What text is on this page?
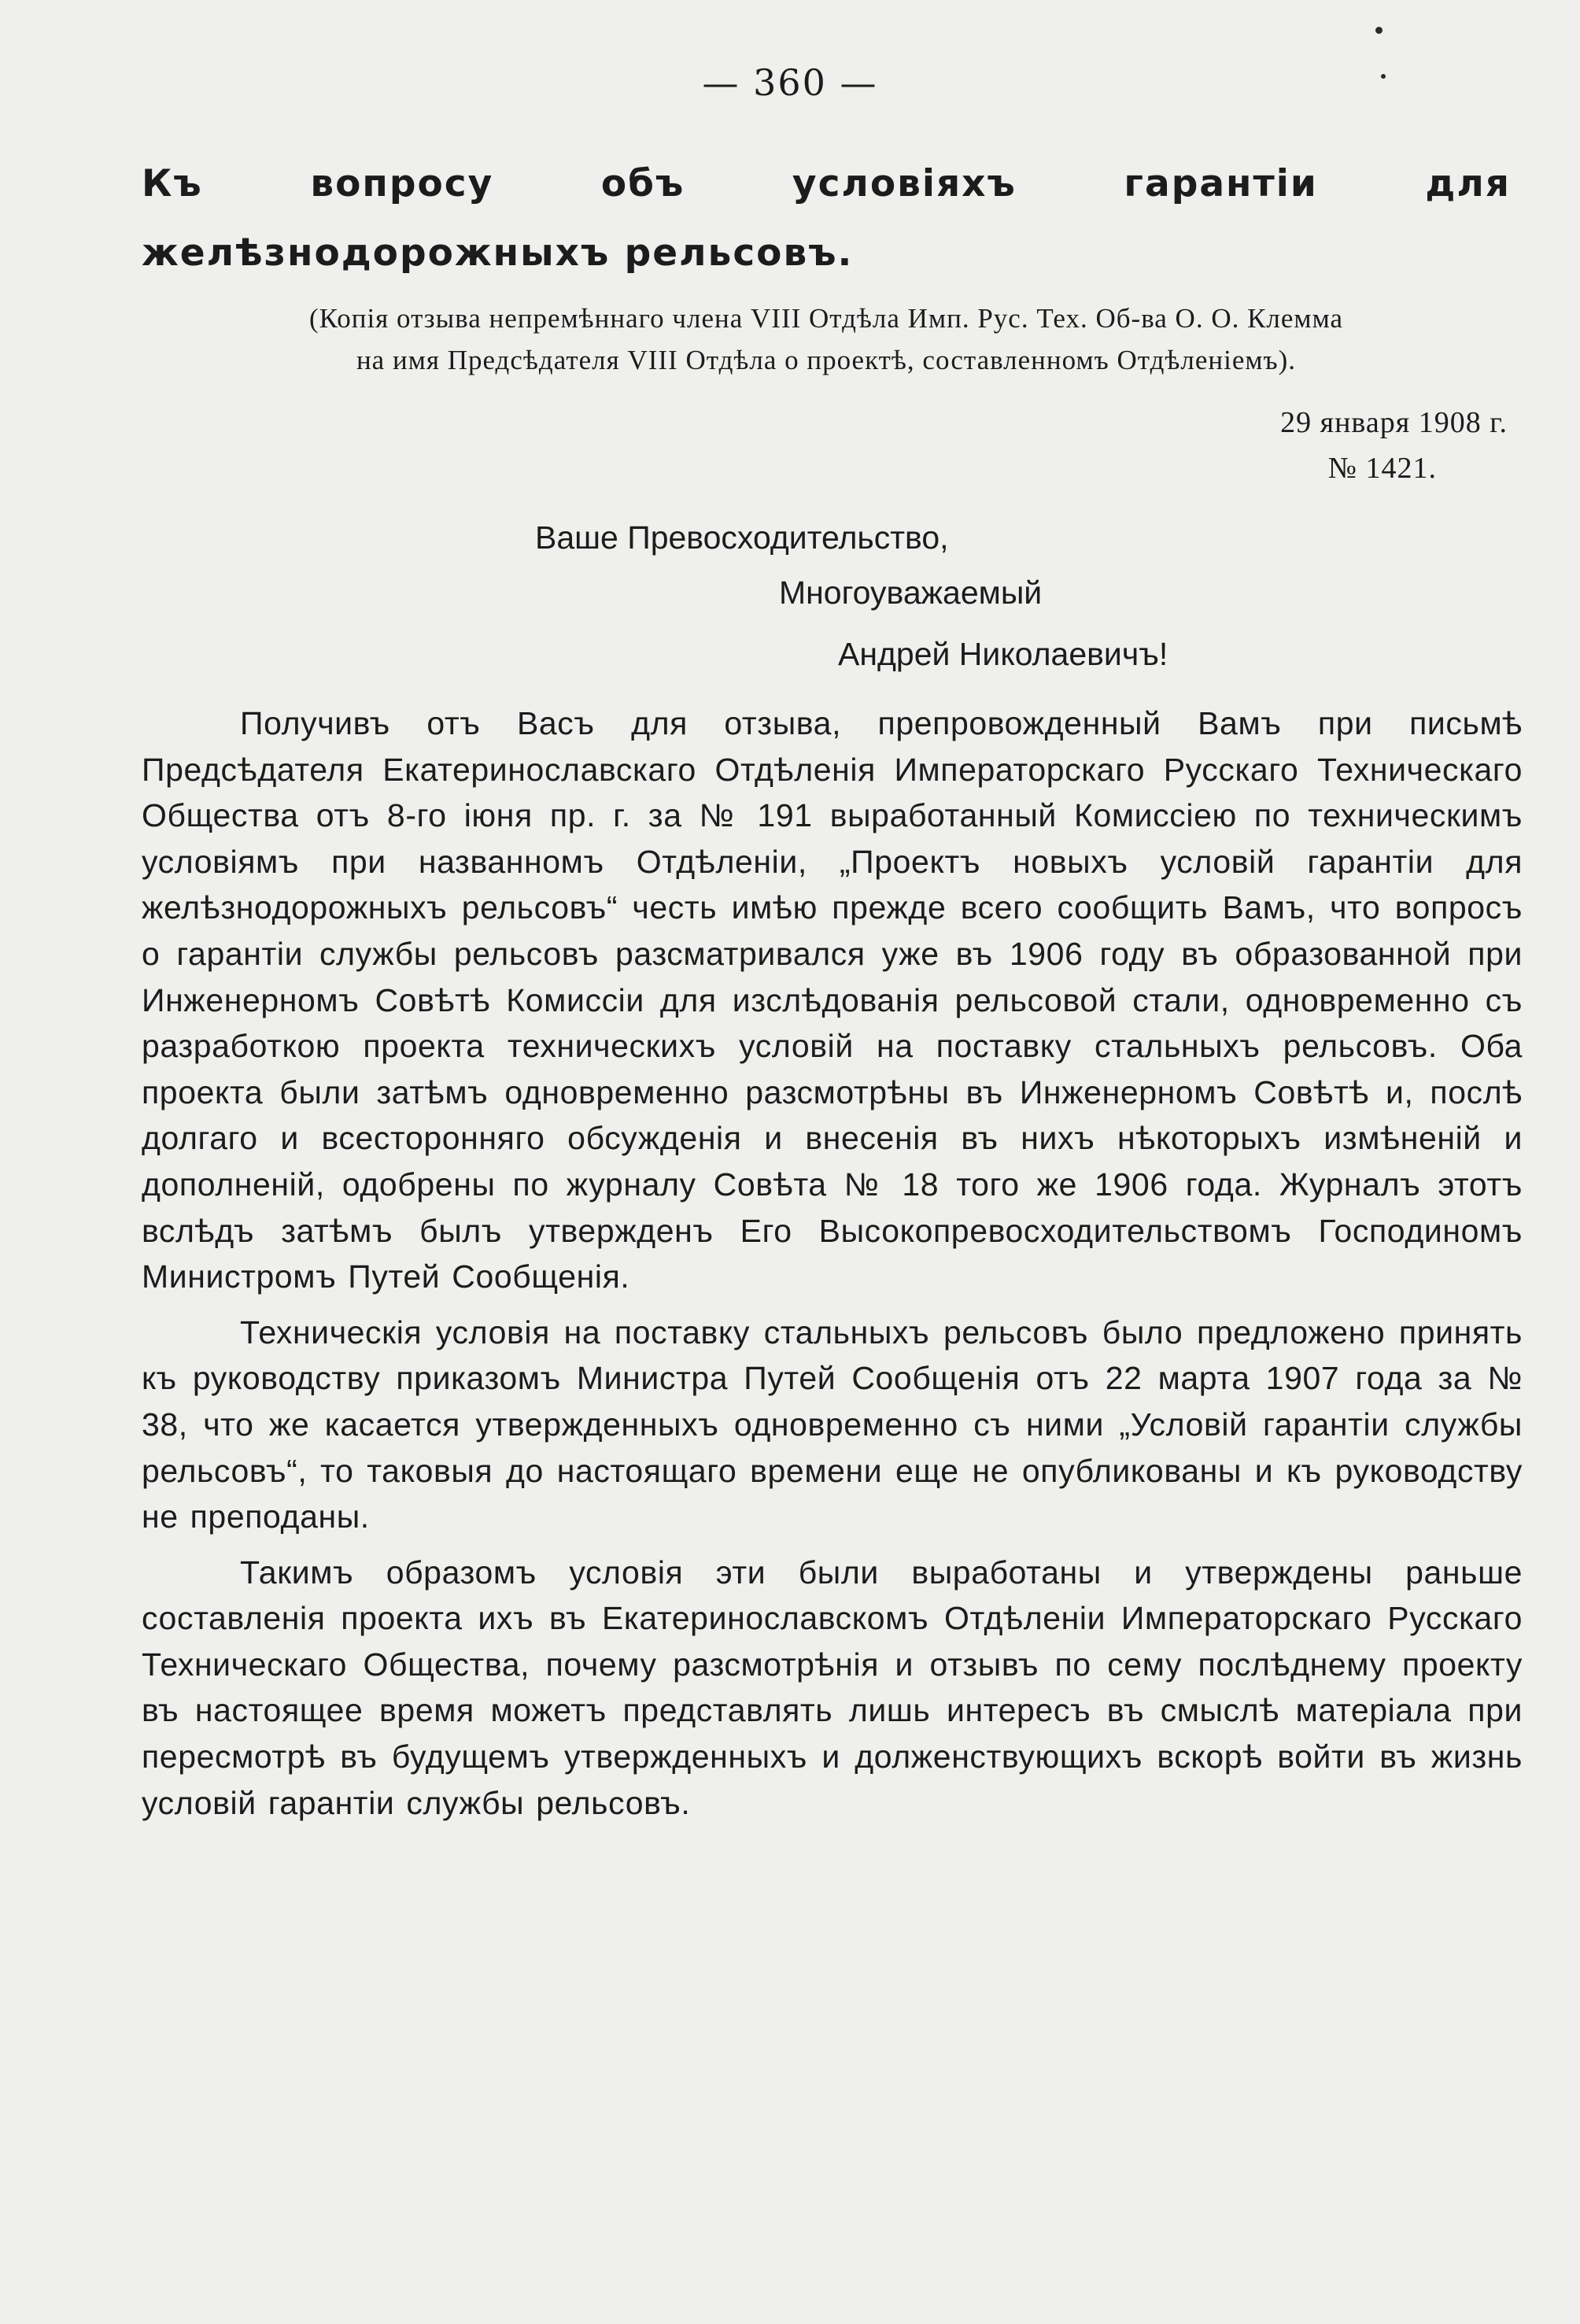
— 360 —
Къ вопросу объ условіяхъ гарантіи для желѣзнодорожныхъ рельсовъ.
(Копія отзыва непремѣннаго члена VIII Отдѣла Имп. Рус. Тех. Об-ва О. О. Клемма
на имя Предсѣдателя VIII Отдѣла о проектѣ, составленномъ Отдѣленіемъ).
29 января 1908 г.
№ 1421.
Ваше Превосходительство,
Многоуважаемый
Андрей Николаевичъ!

Получивъ отъ Васъ для отзыва, препровожденный Вамъ при письмѣ Предсѣдателя Екатеринославскаго Отдѣленія Императорскаго Русскаго Техническаго Общества отъ 8-го іюня пр. г. за № 191 выработанный Комиссіею по техническимъ условіямъ при названномъ Отдѣленіи, „Проектъ новыхъ условій гарантіи для желѣзнодорожныхъ рельсовъ“ честь имѣю прежде всего сообщить Вамъ, что вопросъ о гарантіи службы рельсовъ разсматривался уже въ 1906 году въ образованной при Инженерномъ Совѣтѣ Комиссіи для изслѣдованія рельсовой стали, одновременно съ разработкою проекта техническихъ условій на поставку стальныхъ рельсовъ. Оба проекта были затѣмъ одновременно разсмотрѣны въ Инженерномъ Совѣтѣ и, послѣ долгаго и всесторонняго обсужденія и внесенія въ нихъ нѣкоторыхъ измѣненій и дополненій, одобрены по журналу Совѣта № 18 того же 1906 года. Журналъ этотъ вслѣдъ затѣмъ былъ утвержденъ Его Высокопревосходительствомъ Господиномъ Министромъ Путей Сообщенія.

Техническія условія на поставку стальныхъ рельсовъ было предложено принять къ руководству приказомъ Министра Путей Сообщенія отъ 22 марта 1907 года за № 38, что же касается утвержденныхъ одновременно съ ними „Условій гарантіи службы рельсовъ“, то таковыя до настоящаго времени еще не опубликованы и къ руководству не преподаны.

Такимъ образомъ условія эти были выработаны и утверждены раньше составленія проекта ихъ въ Екатеринославскомъ Отдѣленіи Императорскаго Русскаго Техническаго Общества, почему разсмотрѣнія и отзывъ по сему послѣднему проекту въ настоящее время можетъ представлять лишь интересъ въ смыслѣ матеріала при пересмотрѣ въ будущемъ утвержденныхъ и долженствующихъ вскорѣ войти въ жизнь условій гарантіи службы рельсовъ.
